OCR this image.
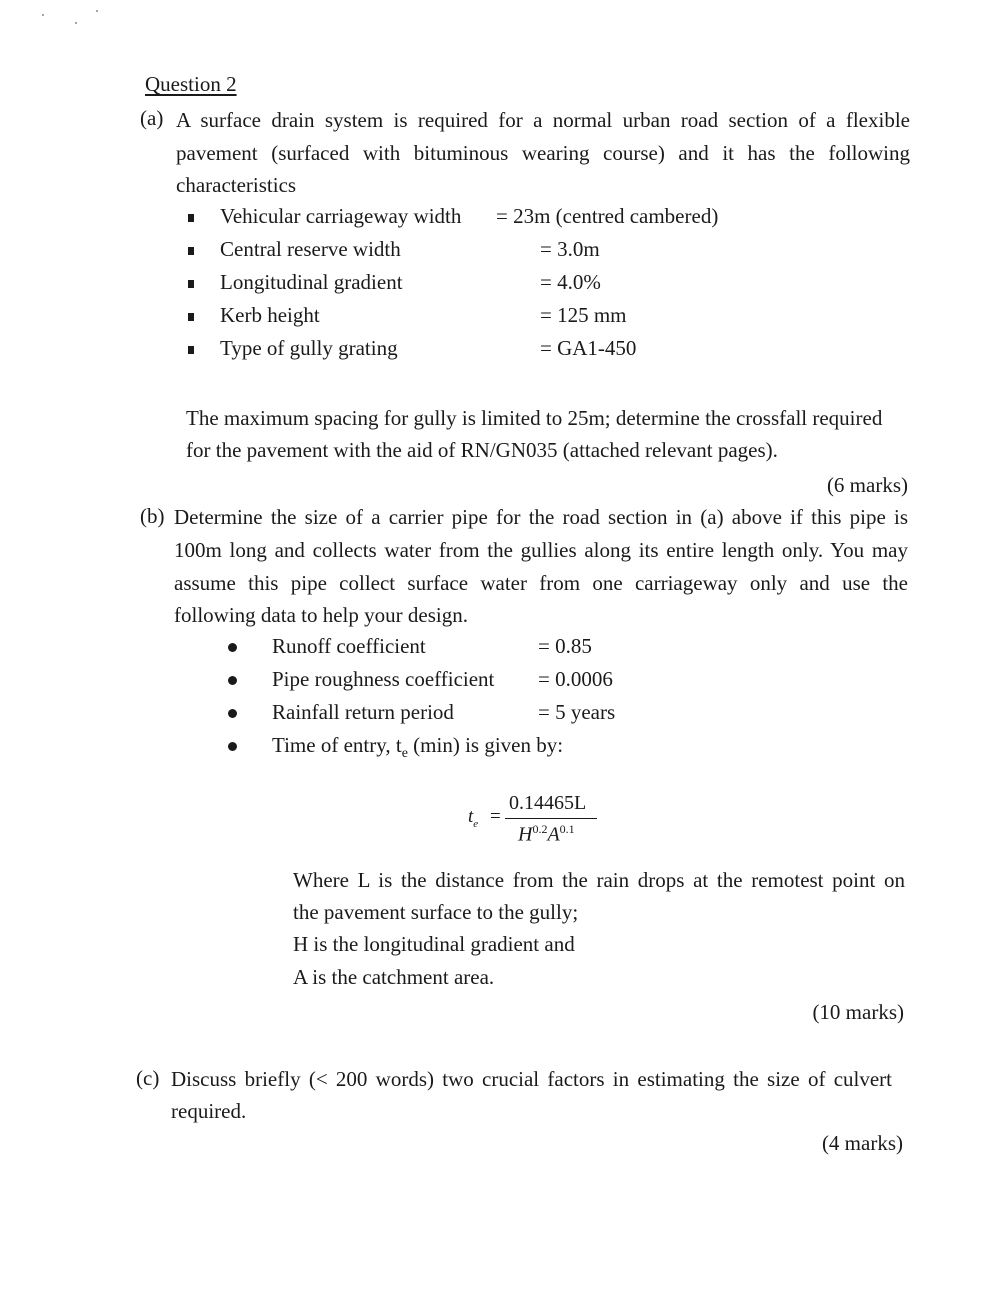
Question 2
(a) A surface drain system is required for a normal urban road section of a flexible
pavement (surfaced with bituminous wearing course) and it has the following
characteristics
Vehicular carriageway width = 23m (centred cambered)
Central reserve width	= 3.0m
Longitudinal gradient	= 4.0%
Kerb height	= 125 mm
Type of gully grating	= GA1-450
The maximum spacing for gully is limited to 25m; determine the crossfall required
for the pavement with the aid of RN/GN035 (attached relevant pages).
(6 marks)
(b) Determine the size of a carrier pipe for the road section in (a) above if this pipe is
100m long and collects water from the gullies along its entire length only. You may
assume this pipe collect surface water from one carriageway only and use the
following data to help your design.
Runoff coefficient	= 0.85
Pipe roughness coefficient = 0.0006
Rainfall return period	= 5 years
Time of entry, $t_e$ (min) is given by:
$t_e$ =
0.14465L
$H^{0.2}A^{0.1}$
Where L is the distance from the rain drops at the remotest point on
the pavement surface to the gully;
H is the longitudinal gradient and
A is the catchment area.
(10 marks)
(c) Discuss briefly (< 200 words) two crucial factors in estimating the size of culvert
required.
(4 marks)
